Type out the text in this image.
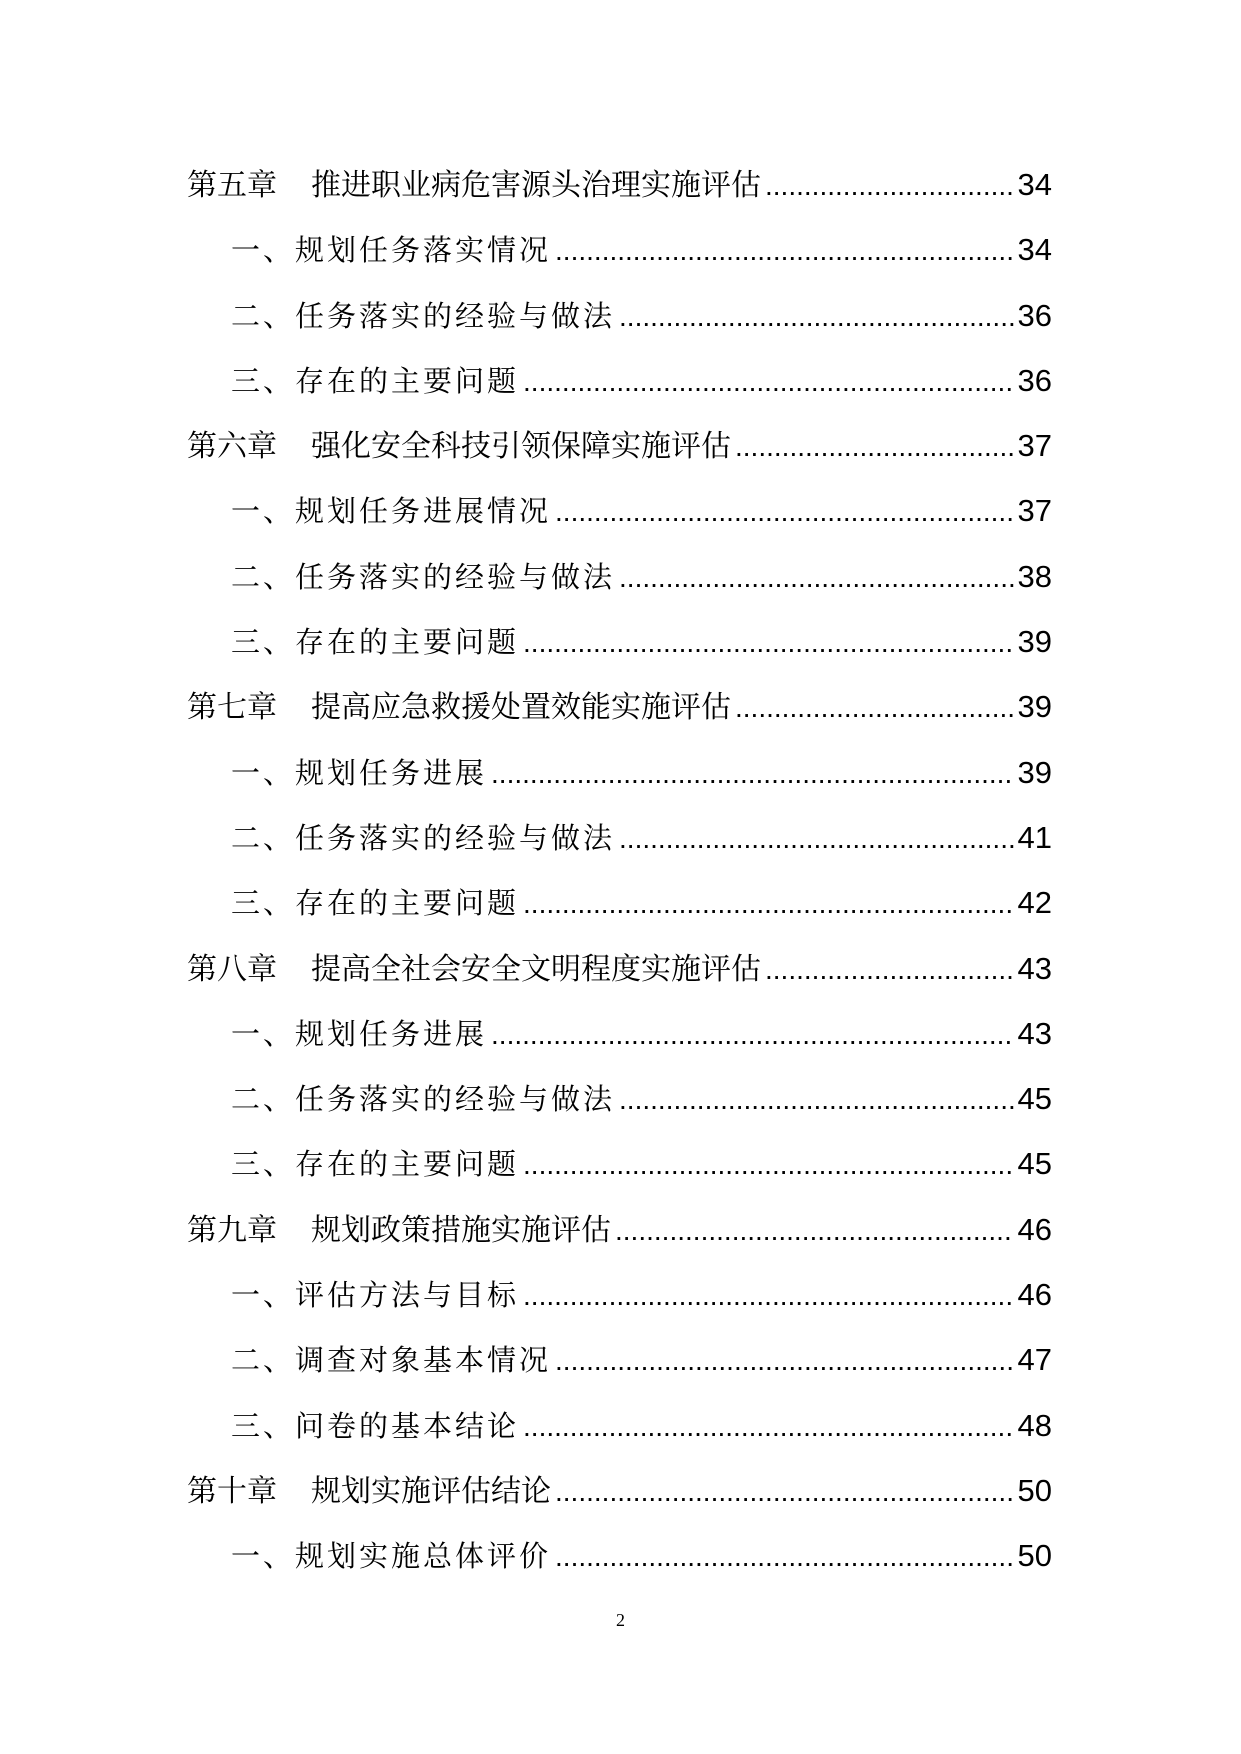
第五章 推进职业病危害源头治理实施评估 .....	34
一、规划任务落实情况 .....	34
二、任务落实的经验与做法 .....	36
三、存在的主要问题 .....	36
第六章 强化安全科技引领保障实施评估 .....	37
一、规划任务进展情况 .....	37
二、任务落实的经验与做法 .....	38
三、存在的主要问题 .....	39
第七章 提高应急救援处置效能实施评估 .....	39
一、规划任务进展 .....	39
二、任务落实的经验与做法 .....	41
三、存在的主要问题 .....	42
第八章 提高全社会安全文明程度实施评估 .....	43
一、规划任务进展 .....	43
二、任务落实的经验与做法 .....	45
三、存在的主要问题 .....	45
第九章 规划政策措施实施评估 .....	46
一、评估方法与目标 .....	46
二、调查对象基本情况 .....	47
三、问卷的基本结论 .....	48
第十章 规划实施评估结论 .....	50
一、规划实施总体评价 .....	50
2
